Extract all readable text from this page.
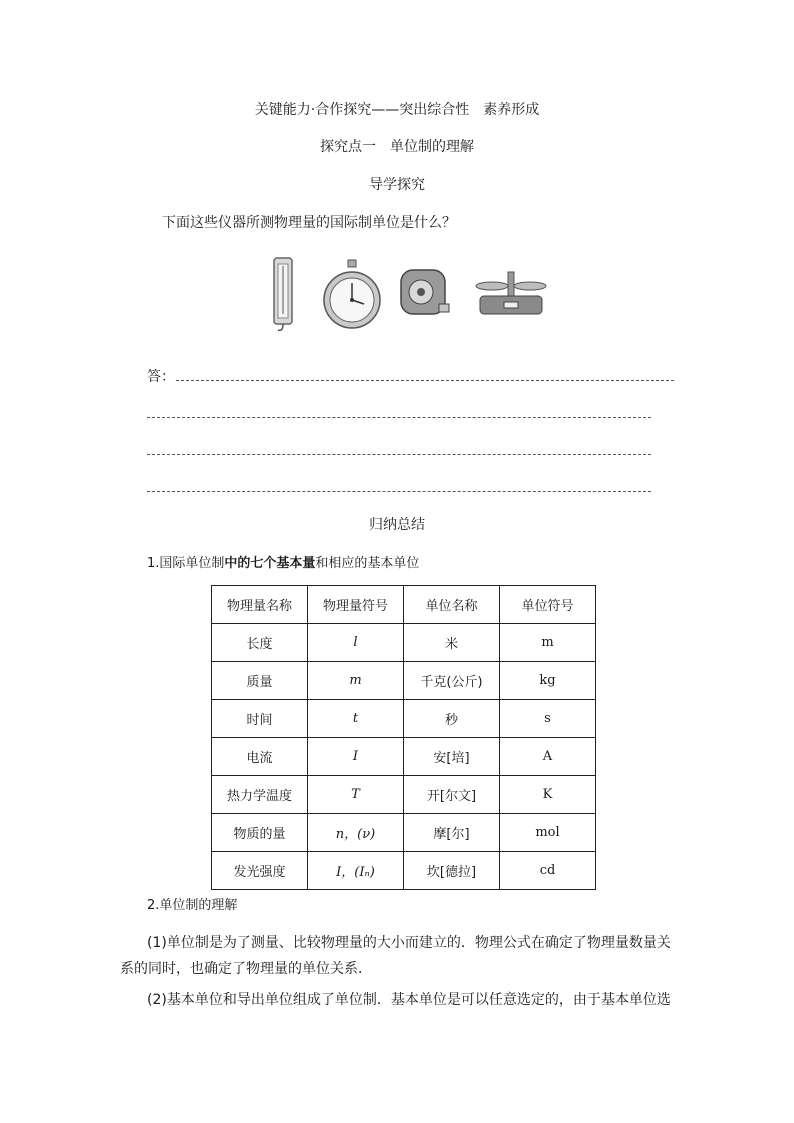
关键能力·合作探究——突出综合性　素养形成
探究点一　单位制的理解
导学探究
下面这些仪器所测物理量的国际制单位是什么？
答：
归纳总结
1.国际单位制中的七个基本量和相应的基本单位
物理量名称	物理量符号	单位名称	单位符号
长度	l	米	m
质量	m	千克(公斤)	kg
时间	t	秒	s
电流	I	安[培]	A
热力学温度	T	开[尔文]	K
物质的量	n，(ν)	摩[尔]	mol
发光强度	I，(Iₙ)	坎[德拉]	cd
2.单位制的理解
(1)单位制是为了测量、比较物理量的大小而建立的．物理公式在确定了物理量数量关系的同时，也确定了物理量的单位关系．
(2)基本单位和导出单位组成了单位制．基本单位是可以任意选定的，由于基本单位选
